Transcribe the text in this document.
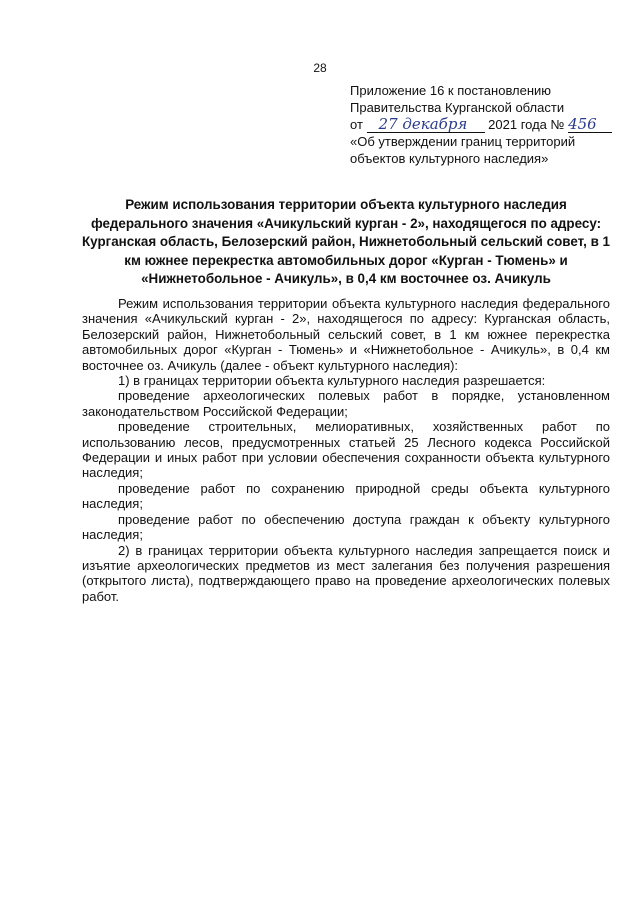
28
Приложение 16 к постановлению
Правительства Курганской области
от 27 декабря 2021 года № 456
«Об утверждении границ территорий
объектов культурного наследия»
Режим использования территории объекта культурного наследия федерального значения «Ачикульский курган - 2», находящегося по адресу: Курганская область, Белозерский район, Нижнетобольный сельский совет, в 1 км южнее перекрестка автомобильных дорог «Курган - Тюмень» и «Нижнетобольное - Ачикуль», в 0,4 км восточнее оз. Ачикуль

Режим использования территории объекта культурного наследия федерального значения «Ачикульский курган - 2», находящегося по адресу: Курганская область, Белозерский район, Нижнетобольный сельский совет, в 1 км южнее перекрестка автомобильных дорог «Курган - Тюмень» и «Нижнетобольное - Ачикуль», в 0,4 км восточнее оз. Ачикуль (далее - объект культурного наследия):

1) в границах территории объекта культурного наследия разрешается:

проведение археологических полевых работ в порядке, установленном законодательством Российской Федерации;

проведение строительных, мелиоративных, хозяйственных работ по использованию лесов, предусмотренных статьей 25 Лесного кодекса Российской Федерации и иных работ при условии обеспечения сохранности объекта культурного наследия;

проведение работ по сохранению природной среды объекта культурного наследия;

проведение работ по обеспечению доступа граждан к объекту культурного наследия;

2) в границах территории объекта культурного наследия запрещается поиск и изъятие археологических предметов из мест залегания без получения разрешения (открытого листа), подтверждающего право на проведение археологических полевых работ.
